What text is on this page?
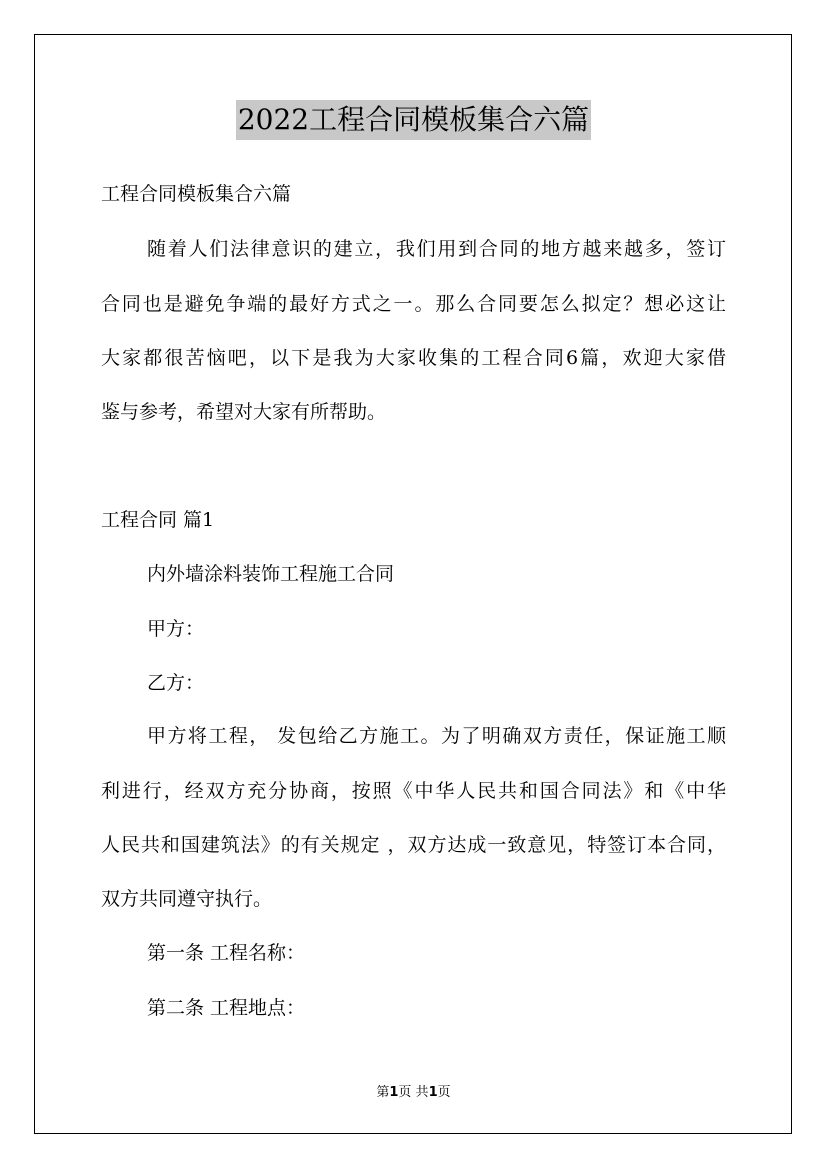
2022工程合同模板集合六篇
工程合同模板集合六篇
随着人们法律意识的建立，我们用到合同的地方越来越多，签订
合同也是避免争端的最好方式之一。那么合同要怎么拟定？想必这让
大家都很苦恼吧，以下是我为大家收集的工程合同6篇，欢迎大家借
鉴与参考，希望对大家有所帮助。
工程合同 篇1
内外墙涂料装饰工程施工合同
甲方：
乙方：
甲方将工程， 发包给乙方施工。为了明确双方责任，保证施工顺
利进行，经双方充分协商，按照《中华人民共和国合同法》和《中华
人民共和国建筑法》的有关规定 ，双方达成一致意见，特签订本合同，
双方共同遵守执行。
第一条 工程名称：
第二条 工程地点：
第1页 共1页
